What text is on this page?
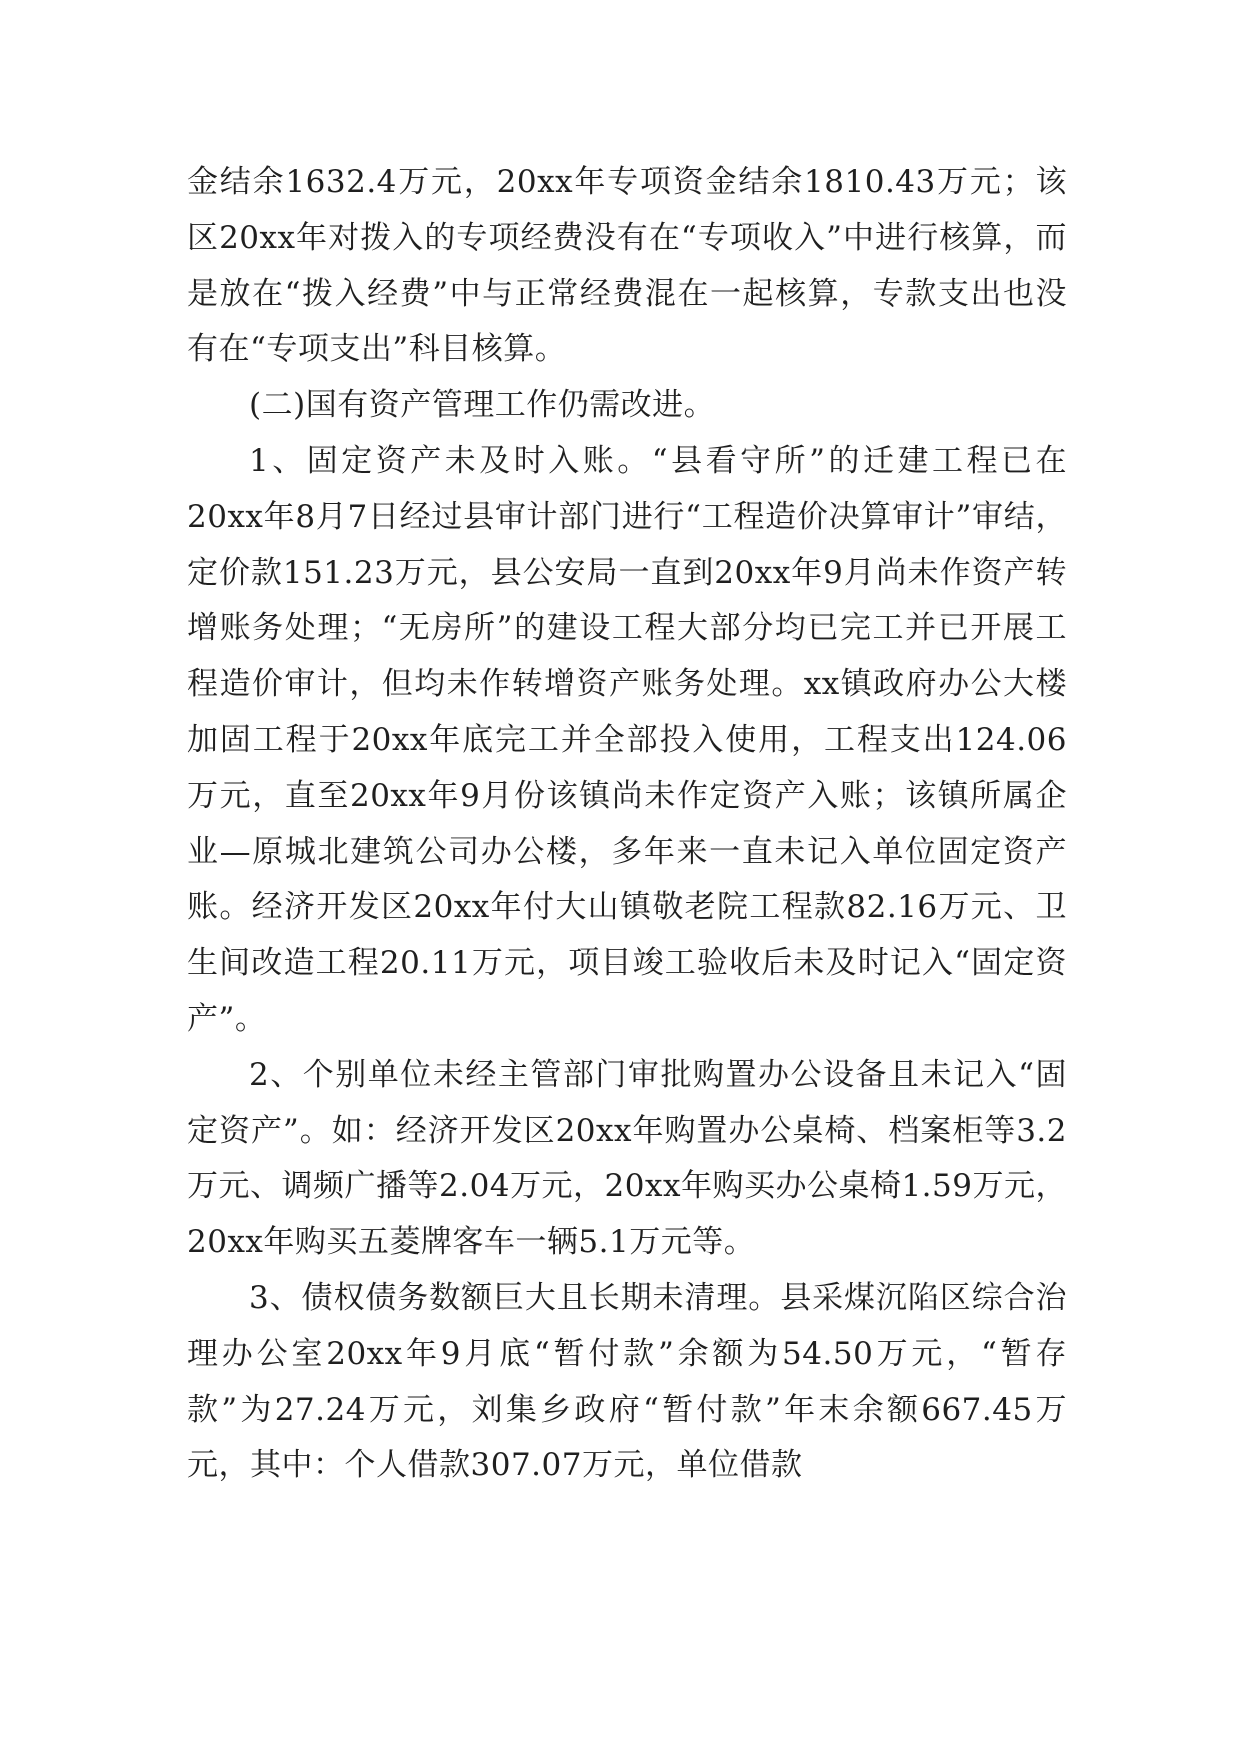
金结余1632.4万元，20xx年专项资金结余1810.43万元；该区20xx年对拨入的专项经费没有在“专项收入”中进行核算，而是放在“拨入经费”中与正常经费混在一起核算，专款支出也没有在“专项支出”科目核算。

(二)国有资产管理工作仍需改进。

1、固定资产未及时入账。“县看守所”的迁建工程已在20xx年8月7日经过县审计部门进行“工程造价决算审计”审结，定价款151.23万元，县公安局一直到20xx年9月尚未作资产转增账务处理；“无房所”的建设工程大部分均已完工并已开展工程造价审计，但均未作转增资产账务处理。xx镇政府办公大楼加固工程于20xx年底完工并全部投入使用，工程支出124.06万元，直至20xx年9月份该镇尚未作定资产入账；该镇所属企业—原城北建筑公司办公楼，多年来一直未记入单位固定资产账。经济开发区20xx年付大山镇敬老院工程款82.16万元、卫生间改造工程20.11万元，项目竣工验收后未及时记入“固定资产”。

2、个别单位未经主管部门审批购置办公设备且未记入“固定资产”。如：经济开发区20xx年购置办公桌椅、档案柜等3.2万元、调频广播等2.04万元，20xx年购买办公桌椅1.59万元，20xx年购买五菱牌客车一辆5.1万元等。

3、债权债务数额巨大且长期未清理。县采煤沉陷区综合治理办公室20xx年9月底“暂付款”余额为54.50万元，“暂存款”为27.24万元，刘集乡政府“暂付款”年末余额667.45万元，其中：个人借款307.07万元，单位借款
